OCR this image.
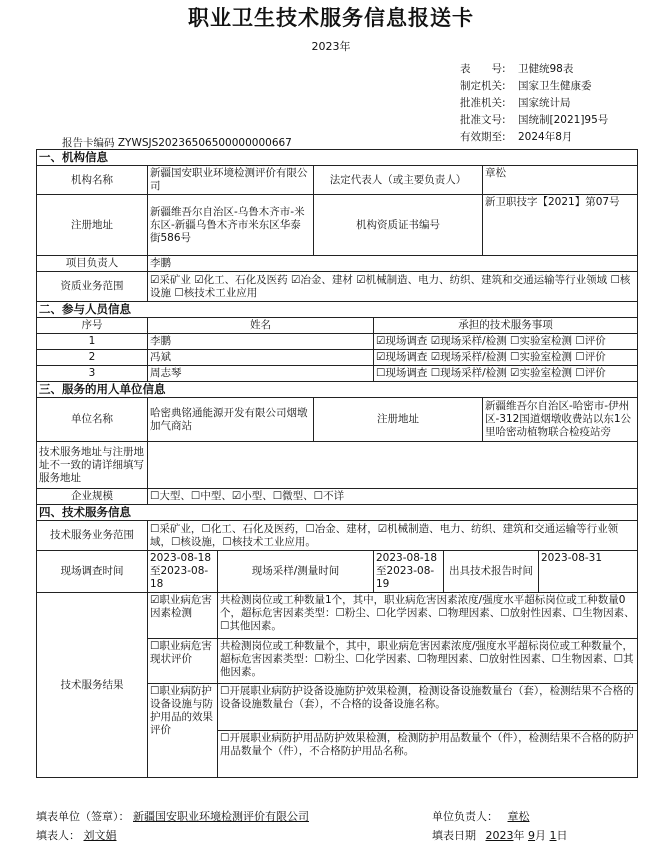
职业卫生技术服务信息报送卡
2023年
表　　号:	卫健统98表
制定机关:	国家卫生健康委
批准机关:	国家统计局
批准文号:	国统制[2021]95号
有效期至:	2024年8月
报告卡编码 ZYWSJS20236506500000000667
一、机构信息							
机构名称	新疆国安职业环境检测评价有限公司		法定代表人（或主要负责人）			章松	
注册地址	新疆维吾尔自治区-乌鲁木齐市-米东区-新疆乌鲁木齐市米东区华泰街586号		机构资质证书编号			新卫职技字【2021】第07号	
项目负责人	李鹏						
资质业务范围	☑采矿业 ☑化工、石化及医药 ☑冶金、建材 ☑机械制造、电力、纺织、建筑和交通运输等行业领域 ☐核设施 ☐核技术工业应用						
二、参与人员信息							
序号	姓名			承担的技术服务事项			
1	李鹏			☑现场调查 ☑现场采样/检测 ☐实验室检测 ☐评价			
2	冯斌			☑现场调查 ☑现场采样/检测 ☐实验室检测 ☐评价			
3	周志琴			☐现场调查 ☐现场采样/检测 ☑实验室检测 ☐评价			
三、服务的用人单位信息							
单位名称	哈密典铭通能源开发有限公司烟墩加气商站		注册地址			新疆维吾尔自治区-哈密市-伊州区-312国道烟墩收费站以东1公里哈密动植物联合检疫站旁	
技术服务地址与注册地址不一致的请详细填写服务地址							
企业规模	☐大型、☐中型、☑小型、☐微型、☐不详						
四、技术服务信息							
技术服务业务范围	☐采矿业，☐化工、石化及医药，☐冶金、建材，☑机械制造、电力、纺织、建筑和交通运输等行业领域，☐核设施，☐核技术工业应用。						
现场调查时间	2023-08-18至2023-08-18	现场采样/测量时间		2023-08-18至2023-08-19	出具技术报告时间		2023-08-31
技术服务结果	☑职业病危害因素检测	共检测岗位或工种数量1个，其中，职业病危害因素浓度/强度水平超标岗位或工种数量0个，超标危害因素类型：☐粉尘、☐化学因素、☐物理因素、☐放射性因素、☐生物因素、☐其他因素。					
	☐职业病危害现状评价	共检测岗位或工种数量个，其中，职业病危害因素浓度/强度水平超标岗位或工种数量个，超标危害因素类型：☐粉尘、☐化学因素、☐物理因素、☐放射性因素、☐生物因素、☐其他因素。					
	☐职业病防护设备设施与防护用品的效果评价	☐开展职业病防护设备设施防护效果检测，检测设备设施数量台（套），检测结果不合格的设备设施数量台（套），不合格的设备设施名称。					
		☐开展职业病防护用品防护效果检测，检测防护用品数量个（件），检测结果不合格的防护用品数量个（件），不合格防护用品名称。					
填表单位（签章）： 新疆国安职业环境检测评价有限公司	单位负责人： 章松
填表人： 刘文娟	填表日期 2023年 9月 1日
